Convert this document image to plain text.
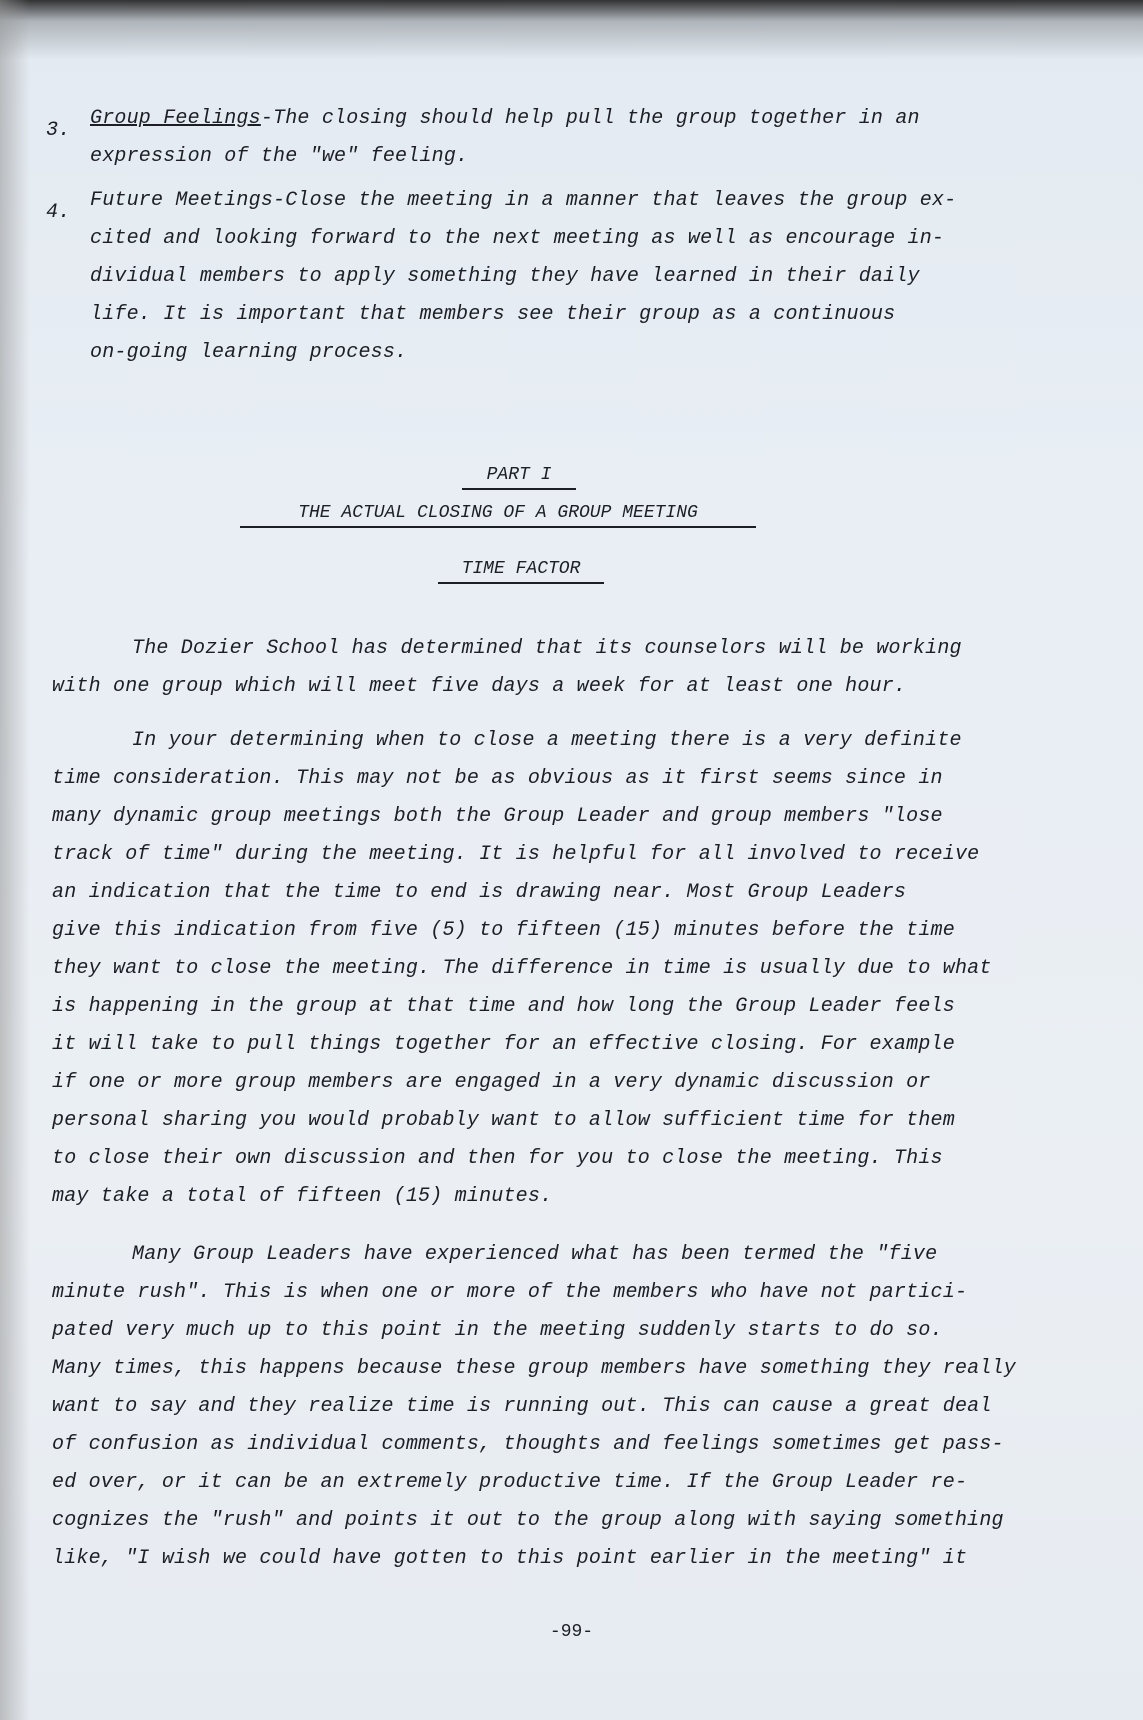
3.
Group Feelings-The closing should help pull the group together in an
expression of the "we" feeling.
4.
Future Meetings-Close the meeting in a manner that leaves the group ex-
cited and looking forward to the next meeting as well as encourage in-
dividual members to apply something they have learned in their daily
life. It is important that members see their group as a continuous
on-going learning process.
PART I
THE ACTUAL CLOSING OF A GROUP MEETING
TIME FACTOR
The Dozier School has determined that its counselors will be working
with one group which will meet five days a week for at least one hour.
In your determining when to close a meeting there is a very definite
time consideration. This may not be as obvious as it first seems since in
many dynamic group meetings both the Group Leader and group members "lose
track of time" during the meeting. It is helpful for all involved to receive
an indication that the time to end is drawing near. Most Group Leaders
give this indication from five (5) to fifteen (15) minutes before the time
they want to close the meeting. The difference in time is usually due to what
is happening in the group at that time and how long the Group Leader feels
it will take to pull things together for an effective closing. For example
if one or more group members are engaged in a very dynamic discussion or
personal sharing you would probably want to allow sufficient time for them
to close their own discussion and then for you to close the meeting. This
may take a total of fifteen (15) minutes.
Many Group Leaders have experienced what has been termed the "five
minute rush". This is when one or more of the members who have not partici-
pated very much up to this point in the meeting suddenly starts to do so.
Many times, this happens because these group members have something they really
want to say and they realize time is running out. This can cause a great deal
of confusion as individual comments, thoughts and feelings sometimes get pass-
ed over, or it can be an extremely productive time. If the Group Leader re-
cognizes the "rush" and points it out to the group along with saying something
like, "I wish we could have gotten to this point earlier in the meeting" it
-99-
